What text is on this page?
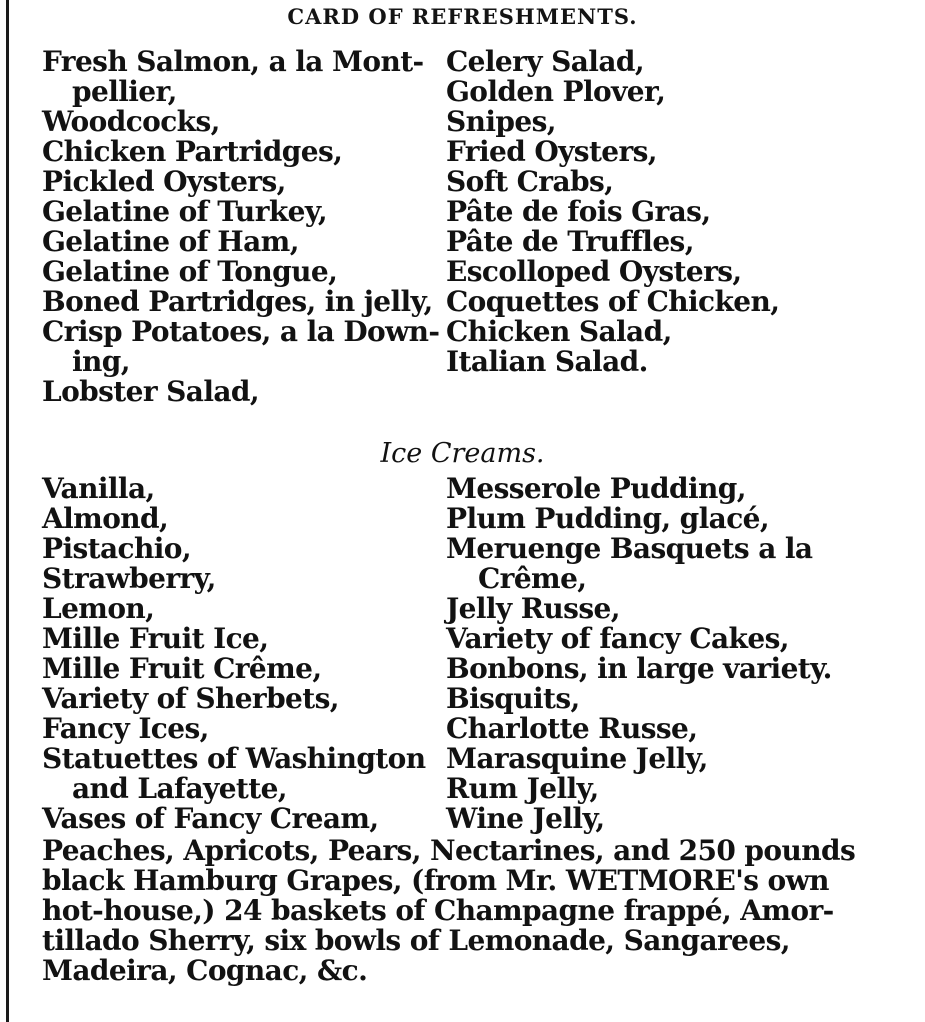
CARD OF REFRESHMENTS.
Fresh Salmon, a la Mont-
pellier,
Woodcocks,
Chicken Partridges,
Pickled Oysters,
Gelatine of Turkey,
Gelatine of Ham,
Gelatine of Tongue,
Boned Partridges, in jelly,
Crisp Potatoes, a la Down-
ing,
Lobster Salad,
Celery Salad,
Golden Plover,
Snipes,
Fried Oysters,
Soft Crabs,
Pâte de fois Gras,
Pâte de Truffles,
Escolloped Oysters,
Coquettes of Chicken,
Chicken Salad,
Italian Salad.
Ice Creams.
Vanilla,
Almond,
Pistachio,
Strawberry,
Lemon,
Mille Fruit Ice,
Mille Fruit Crême,
Variety of Sherbets,
Fancy Ices,
Statuettes of Washington
and Lafayette,
Vases of Fancy Cream,
Messerole Pudding,
Plum Pudding, glacé,
Meruenge Basquets a la
Crême,
Jelly Russe,
Variety of fancy Cakes,
Bonbons, in large variety.
Bisquits,
Charlotte Russe,
Marasquine Jelly,
Rum Jelly,
Wine Jelly,
Peaches, Apricots, Pears, Nectarines, and 250 pounds
black Hamburg Grapes, (from Mr. WETMORE's own
hot-house,) 24 baskets of Champagne frappé, Amor-
tillado Sherry, six bowls of Lemonade, Sangarees,
Madeira, Cognac, &c.
